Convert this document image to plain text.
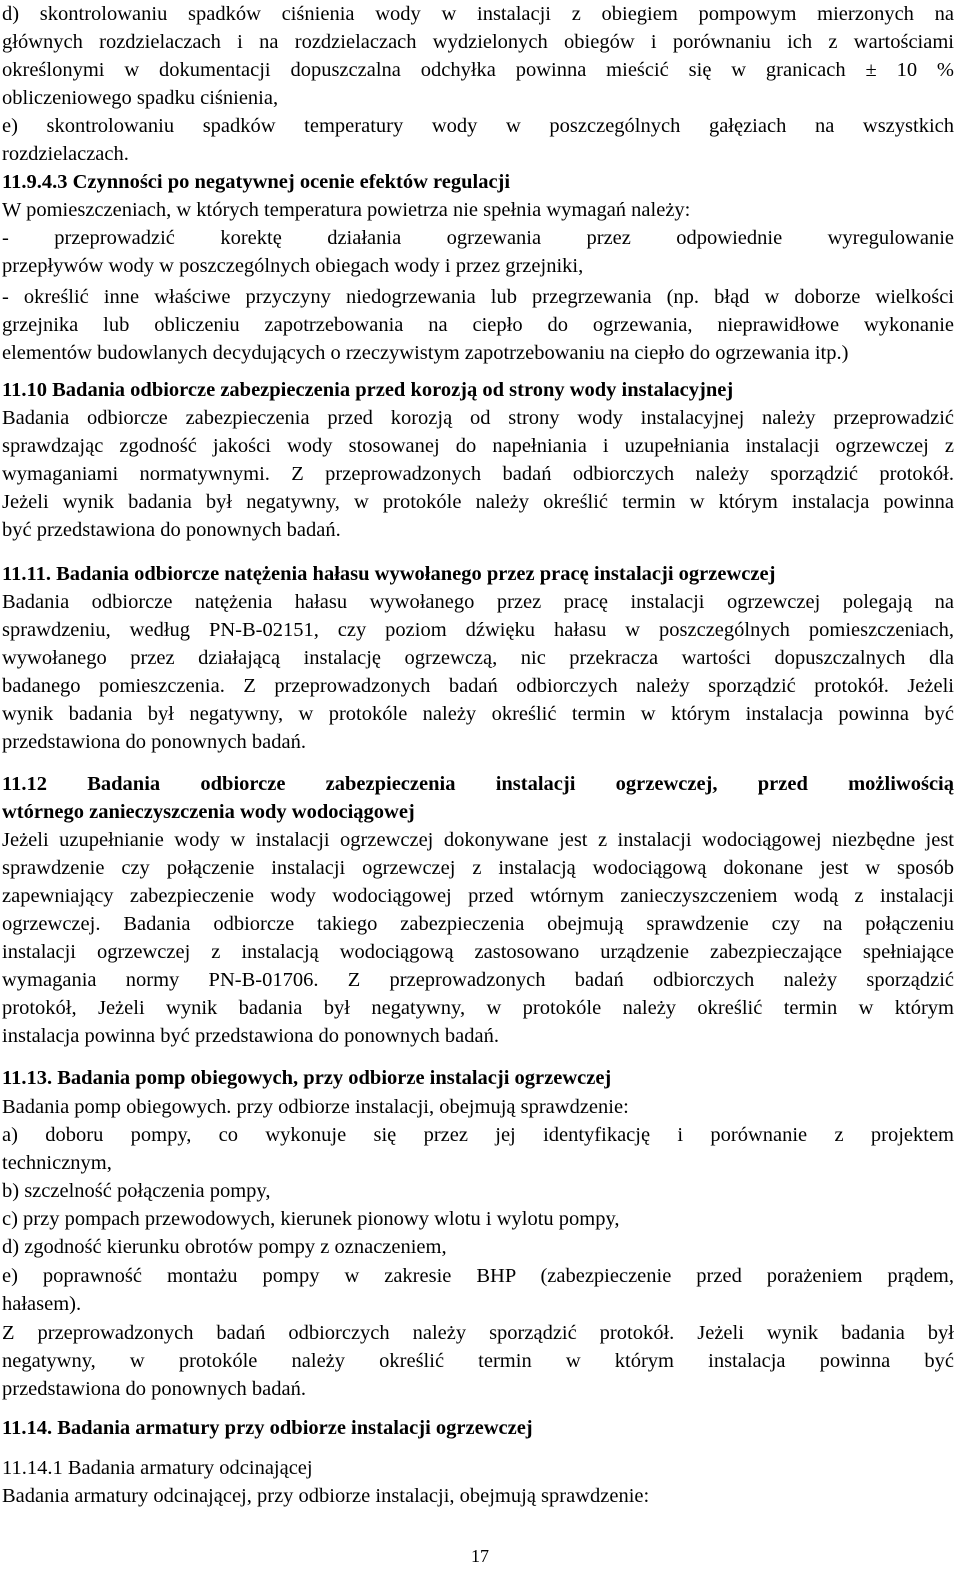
d) skontrolowaniu spadków ciśnienia wody w instalacji z obiegiem pompowym mierzonych na
głównych rozdzielaczach i na rozdzielaczach wydzielonych obiegów i porównaniu ich z wartościami
określonymi w dokumentacji dopuszczalna odchyłka powinna mieścić się w granicach ± 10 %
obliczeniowego spadku ciśnienia,
e) skontrolowaniu spadków temperatury wody w poszczególnych gałęziach na wszystkich
rozdzielaczach.
11.9.4.3 Czynności po negatywnej ocenie efektów regulacji
W pomieszczeniach, w których temperatura powietrza nie spełnia wymagań należy:
- przeprowadzić korektę działania ogrzewania przez odpowiednie wyregulowanie
przepływów wody w poszczególnych obiegach wody i przez grzejniki,
- określić inne właściwe przyczyny niedogrzewania lub przegrzewania (np. błąd w doborze wielkości
grzejnika lub obliczeniu zapotrzebowania na ciepło do ogrzewania, nieprawidłowe wykonanie
elementów budowlanych decydujących o rzeczywistym zapotrzebowaniu na ciepło do ogrzewania itp.)
11.10 Badania odbiorcze zabezpieczenia przed korozją od strony wody instalacyjnej
Badania odbiorcze zabezpieczenia przed korozją od strony wody instalacyjnej należy przeprowadzić
sprawdzając zgodność jakości wody stosowanej do napełniania i uzupełniania instalacji ogrzewczej z
wymaganiami normatywnymi. Z przeprowadzonych badań odbiorczych należy sporządzić protokół.
Jeżeli wynik badania był negatywny, w protokóle należy określić termin w którym instalacja powinna
być przedstawiona do ponownych badań.
11.11. Badania odbiorcze natężenia hałasu wywołanego przez pracę instalacji ogrzewczej
Badania odbiorcze natężenia hałasu wywołanego przez pracę instalacji ogrzewczej polegają na
sprawdzeniu, według PN-B-02151, czy poziom dźwięku hałasu w poszczególnych pomieszczeniach,
wywołanego przez działającą instalację ogrzewczą, nic przekracza wartości dopuszczalnych dla
badanego pomieszczenia. Z przeprowadzonych badań odbiorczych należy sporządzić protokół. Jeżeli
wynik badania był negatywny, w protokóle należy określić termin w którym instalacja powinna być
przedstawiona do ponownych badań.
11.12 Badania odbiorcze zabezpieczenia instalacji ogrzewczej, przed możliwością
wtórnego zanieczyszczenia wody wodociągowej
Jeżeli uzupełnianie wody w instalacji ogrzewczej dokonywane jest z instalacji wodociągowej niezbędne jest
sprawdzenie czy połączenie instalacji ogrzewczej z instalacją wodociągową dokonane jest w sposób
zapewniający zabezpieczenie wody wodociągowej przed wtórnym zanieczyszczeniem wodą z instalacji
ogrzewczej. Badania odbiorcze takiego zabezpieczenia obejmują sprawdzenie czy na połączeniu
instalacji ogrzewczej z instalacją wodociągową zastosowano urządzenie zabezpieczające spełniające
wymagania normy PN-B-01706. Z przeprowadzonych badań odbiorczych należy sporządzić
protokół, Jeżeli wynik badania był negatywny, w protokóle należy określić termin w którym
instalacja powinna być przedstawiona do ponownych badań.
11.13. Badania pomp obiegowych, przy odbiorze instalacji ogrzewczej
Badania pomp obiegowych. przy odbiorze instalacji, obejmują sprawdzenie:
a) doboru pompy, co wykonuje się przez jej identyfikację i porównanie z projektem
technicznym,
b) szczelność połączenia pompy,
c) przy pompach przewodowych, kierunek pionowy wlotu i wylotu pompy,
d) zgodność kierunku obrotów pompy z oznaczeniem,
e) poprawność montażu pompy w zakresie BHP (zabezpieczenie przed porażeniem prądem,
hałasem).
Z przeprowadzonych badań odbiorczych należy sporządzić protokół. Jeżeli wynik badania był
negatywny, w protokóle należy określić termin w którym instalacja powinna być
przedstawiona do ponownych badań.
11.14. Badania armatury przy odbiorze instalacji ogrzewczej
11.14.1 Badania armatury odcinającej
Badania armatury odcinającej, przy odbiorze instalacji, obejmują sprawdzenie:
17
